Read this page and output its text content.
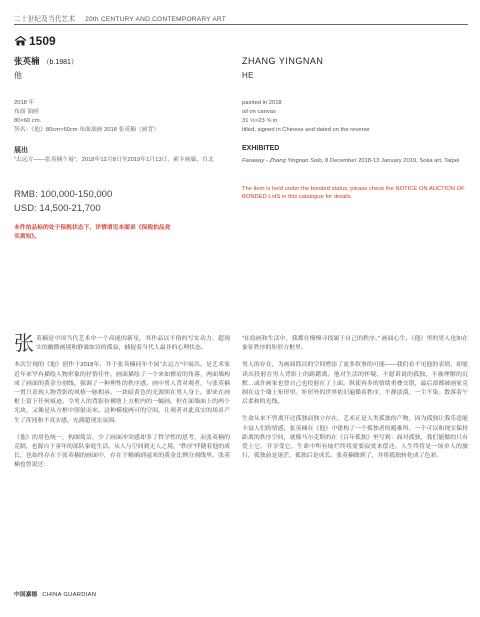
二十世纪及当代艺术 20th CENTURY AND CONTEMPORARY ART
1509
张英楠 （b.1981）
他
ZHANG YINGNAN
HE
2018 年
布面 油画
80×60 cm.
签名：《他》80cm×60cm 布面油画 2018 张英楠（画背）
painted in 2018
oil on canvas
31 ½×23 ⅝ in
titled, signed in Chinese and dated on the reverse
展出
“去远方——张英楠个展”，2018年12月8日至2019年1月13日，索卡画廊，台北
EXHIBITED
Faraway - Zhang Yingnan Solo, 8 December 2018-13 January 2019, Soka art, Taipei
The item is held under the bonded status, please check the NOTICE ON AUCTION OF BONDED LotS in this catalogue for details.
RMB: 100,000-150,000
USD: 14,500-21,700
本件拍品标的处于保税状态下，详情请见本图录《保税拍品竞买须知》。

张英楠是中国当代艺术中一个高能的新星。其作品以不俗的写实功力，超现实的幽微画境和静谧如诗的孤寂，捕捉着当代人最非的心理状态。

本次呈现的《他》创作于2018年，并于张英楠同年个展“去远方”中展出。是艺术家近年来罕有描绘人物形象的抒情佳作。画面描绘了一个来如擦肩的角落，两面墙构成了画面的黄金分割线，强调了一种理性的秩序感。画中男人背对观者，与张英楠一贯只表现人物背影的风格一脉相承。一块暗黄色的光源照在男人身上。即来在画框上留下任何痕迹。令男人的背影仿佛堕上方框内的一幅画。但在面墙面上的两个光块，又像是从方框中照射而来。这种模棱两可的空间，让观者对此真实的场景产生了浑沌和不真实感，充满超现实氛围。

《他》的用色统一，构图简洁，少了画面冲突感却多了哲学性的思考，而张英楠的克制，也源自于童年的部队家庭生活，从人与空间到无人之境，“秩序”伴随着他的成长，也始终存在于张英楠的画面中，存在于精确到毫米的黄金比例分割线里。张英楠也曾说过：

“在绘画和生活中，我都在慢慢寻找属于自己的秩序。” 画面心生，《他》里的男人也如在象征秩序的矩形方框里。

男人的存在，为画面简洁的空间增添了更多叙事的可能——我们看不见他的表情，却能读出投射在男人背影上的踌躇离。他对生活的怀疑、不愿诉说的孤独，不被理解的沉默…或许画家也曾自己也投射在了上面。纵使再多的情绪重叠交错，最后却都被画家克制在这个墙上矩形里。矩形外的世界依旧遍循着秩序、平静淡漠，一尘不染。散落着午后柔和的光线。

生命从来不曾离开过孤独而独立存在，艺术正是人类孤独的产物，因为孤独让我乐意能丰富人们的情感，张英楠在《他》中建构了一个孤独者的避难所。一个可以和现实保持距离的秩序空间，就像马尔克斯的在《百年孤独》里写到：面对孤独，我们能做的只有爱上它，并享受它。生命中所有灿烂终将需要寂寞来偿还，人生终将是一场单人的旅行，孤独前是迷茫，孤独后是成长。张英楠做到了，并将孤独转化成了色彩。

中国嘉德 CHINA GUARDIAN
